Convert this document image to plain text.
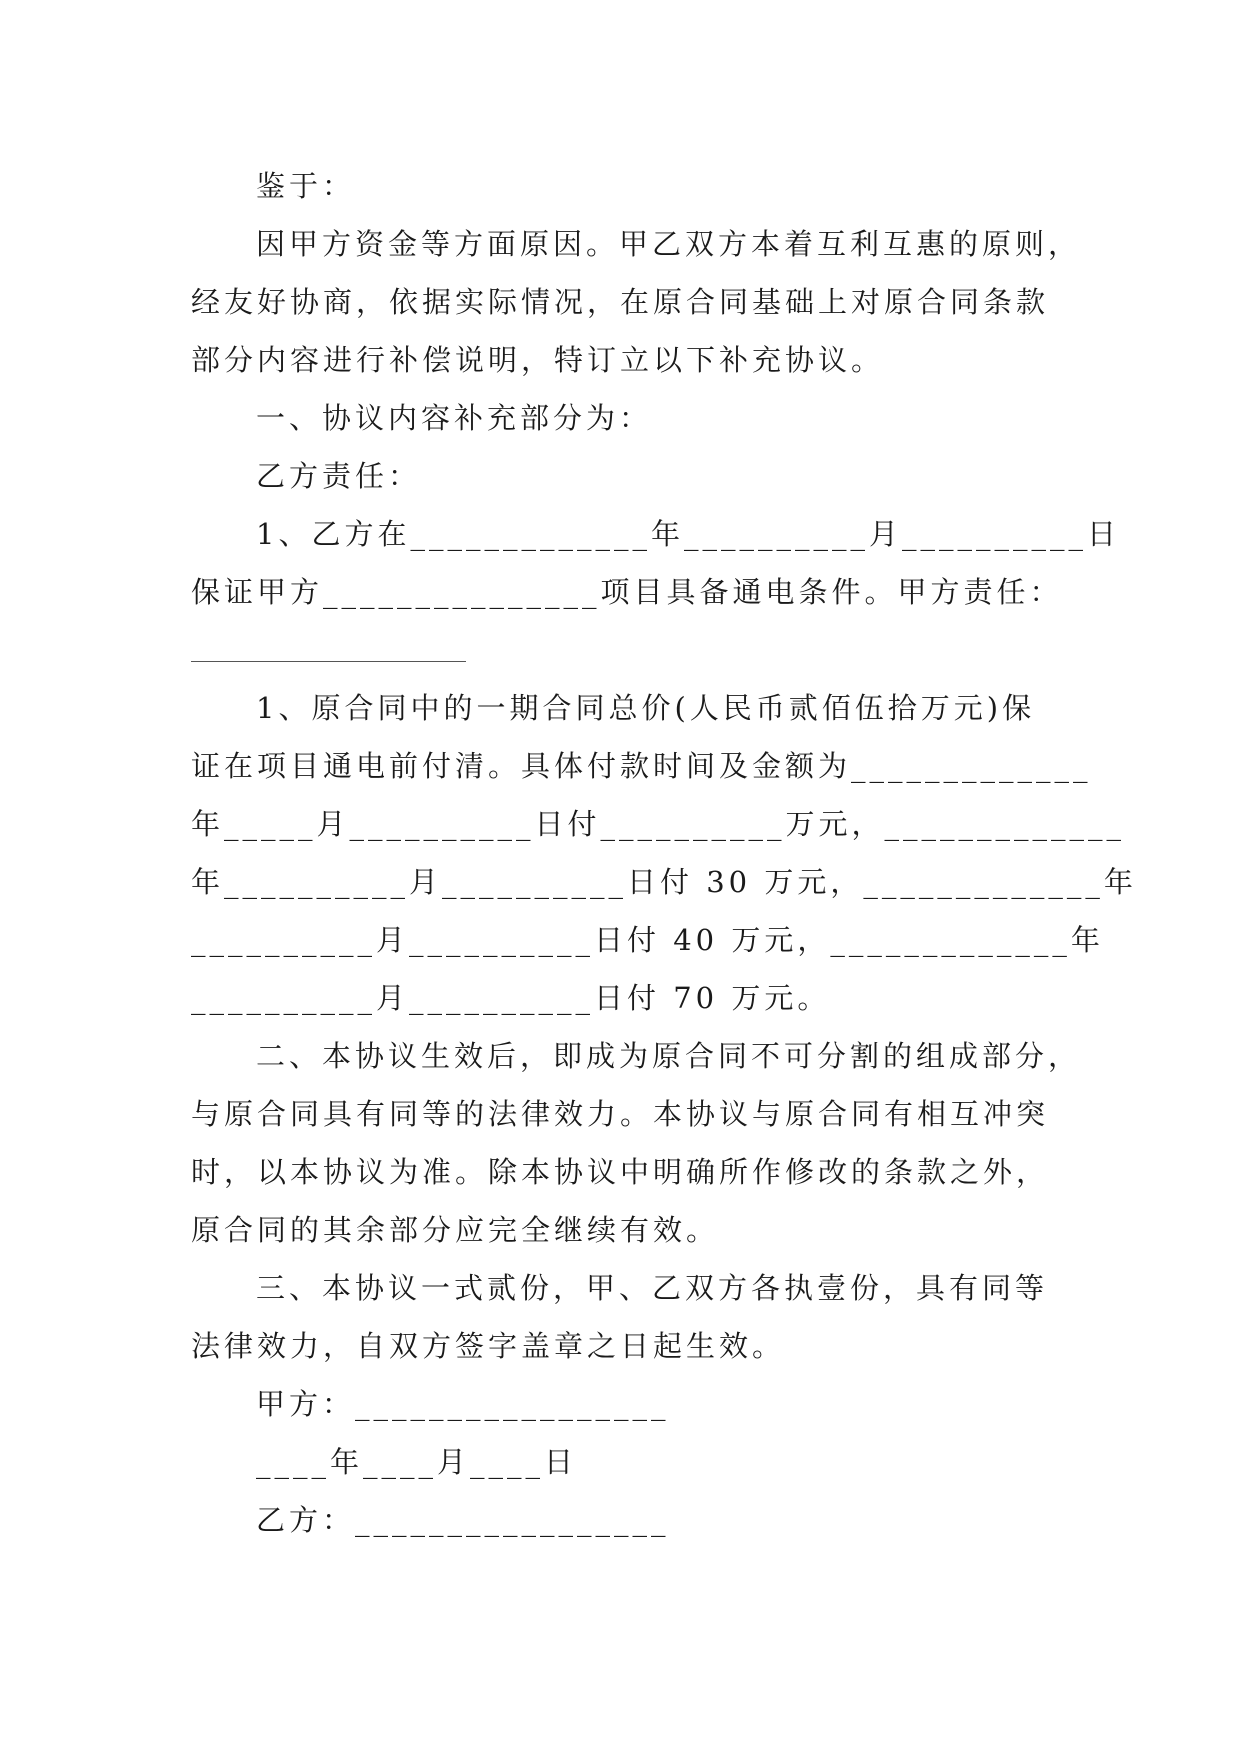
鉴于：
因甲方资金等方面原因。甲乙双方本着互利互惠的原则，
经友好协商，依据实际情况，在原合同基础上对原合同条款
部分内容进行补偿说明，特订立以下补充协议。
一、协议内容补充部分为：
乙方责任：
1、乙方在_____________年__________月__________日
保证甲方_______________项目具备通电条件。甲方责任：
1、原合同中的一期合同总价(人民币贰佰伍拾万元)保
证在项目通电前付清。具体付款时间及金额为_____________
年_____月__________日付__________万元，_____________
年__________月__________日付 30 万元，_____________年
__________月__________日付 40 万元，_____________年
__________月__________日付 70 万元。
二、本协议生效后，即成为原合同不可分割的组成部分，
与原合同具有同等的法律效力。本协议与原合同有相互冲突
时，以本协议为准。除本协议中明确所作修改的条款之外，
原合同的其余部分应完全继续有效。
三、本协议一式贰份，甲、乙双方各执壹份，具有同等
法律效力，自双方签字盖章之日起生效。
甲方：_________________
____年____月____日
乙方：_________________
